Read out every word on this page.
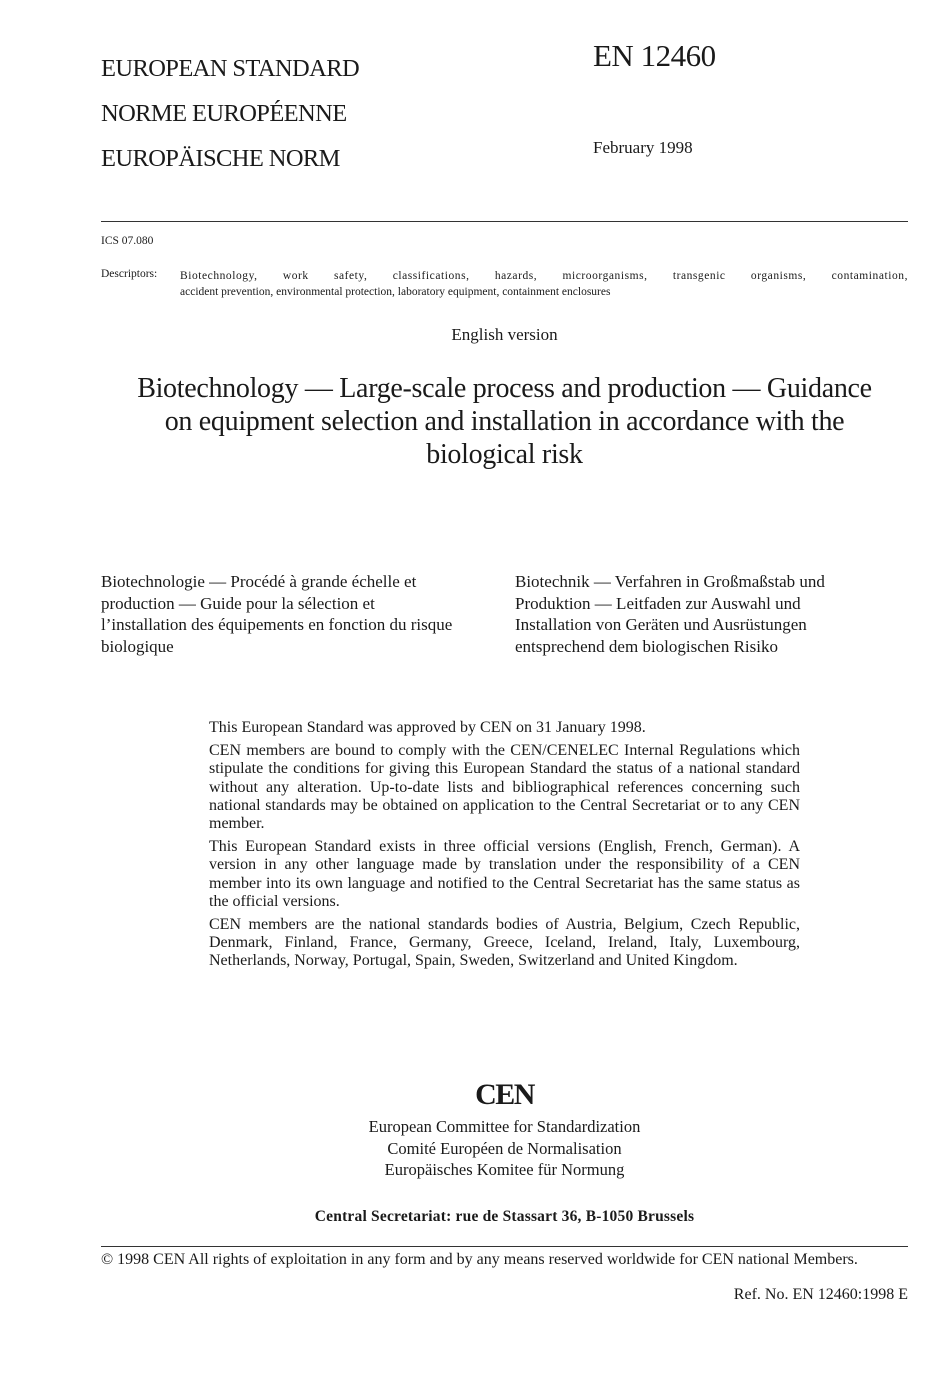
EUROPEAN STANDARD
NORME EUROPÉENNE
EUROPÄISCHE NORM
EN 12460
February 1998
ICS 07.080
Descriptors: Biotechnology, work safety, classifications, hazards, microorganisms, transgenic organisms, contamination,
accident prevention, environmental protection, laboratory equipment, containment enclosures
English version
Biotechnology — Large-scale process and production — Guidance
on equipment selection and installation in accordance with the
biological risk
Biotechnologie — Procédé à grande échelle et
production — Guide pour la sélection et
l’installation des équipements en fonction du risque
biologique
Biotechnik — Verfahren in Großmaßstab und
Produktion — Leitfaden zur Auswahl und
Installation von Geräten und Ausrüstungen
entsprechend dem biologischen Risiko

This European Standard was approved by CEN on 31 January 1998.

CEN members are bound to comply with the CEN/CENELEC Internal Regulations which stipulate the conditions for giving this European Standard the status of a national standard without any alteration. Up-to-date lists and bibliographical references concerning such national standards may be obtained on application to the Central Secretariat or to any CEN member.

This European Standard exists in three official versions (English, French, German). A version in any other language made by translation under the responsibility of a CEN member into its own language and notified to the Central Secretariat has the same status as the official versions.

CEN members are the national standards bodies of Austria, Belgium, Czech Republic, Denmark, Finland, France, Germany, Greece, Iceland, Ireland, Italy, Luxembourg, Netherlands, Norway, Portugal, Spain, Sweden, Switzerland and United Kingdom.

CEN
European Committee for Standardization
Comité Européen de Normalisation
Europäisches Komitee für Normung
Central Secretariat: rue de Stassart 36, B-1050 Brussels
© 1998 CEN All rights of exploitation in any form and by any means reserved worldwide for CEN national Members.
Ref. No. EN 12460:1998 E
